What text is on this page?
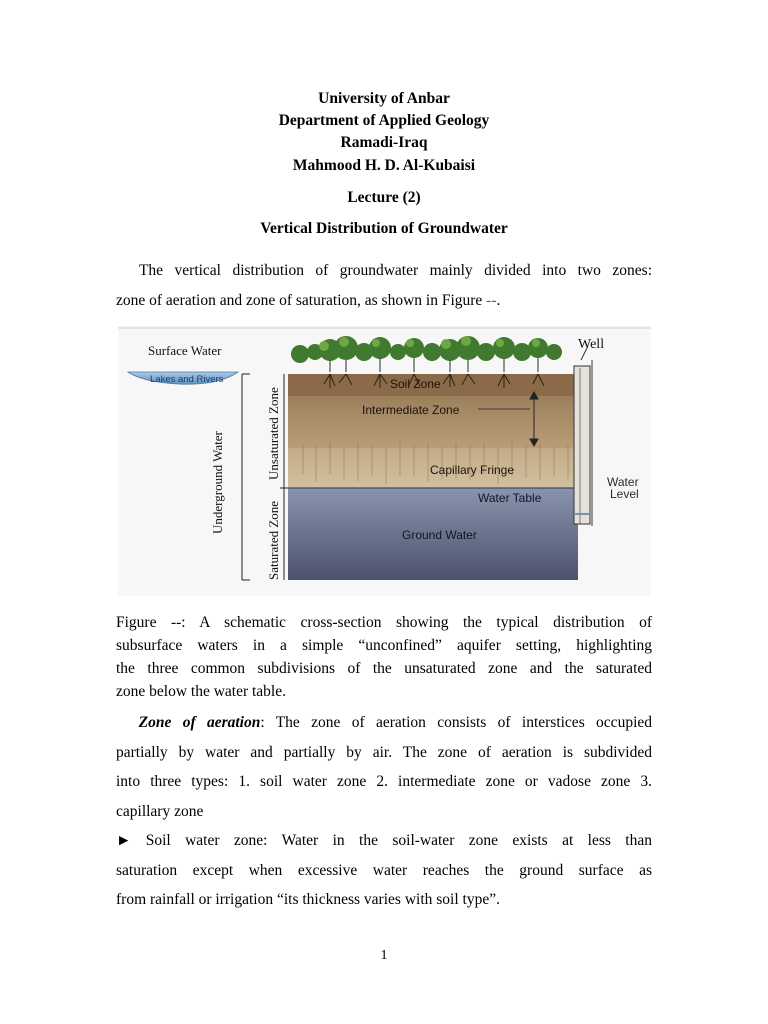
University of Anbar
Department of Applied Geology
Ramadi-Iraq
Mahmood H. D. Al-Kubaisi
Lecture (2)
Vertical Distribution of Groundwater
The vertical distribution of groundwater mainly divided into two zones:
zone of aeration and zone of saturation, as shown in Figure --.
Surface Water
Lakes and Rivers
Well
Soil Zone
Intermediate Zone
Capillary Fringe
Water Table
Ground Water
Water
Level
Underground Water	Unsaturated Zone
Saturated Zone
Figure --: A schematic cross-section showing the typical distribution of
subsurface waters in a simple “unconfined” aquifer setting, highlighting
the three common subdivisions of the unsaturated zone and the saturated
zone below the water table.
Zone of aeration: The zone of aeration consists of interstices occupied
partially by water and partially by air. The zone of aeration is subdivided
into three types: 1. soil water zone 2. intermediate zone or vadose zone 3.
capillary zone
► Soil water zone: Water in the soil-water zone exists at less than
saturation except when excessive water reaches the ground surface as
from rainfall or irrigation “its thickness varies with soil type”.
1
